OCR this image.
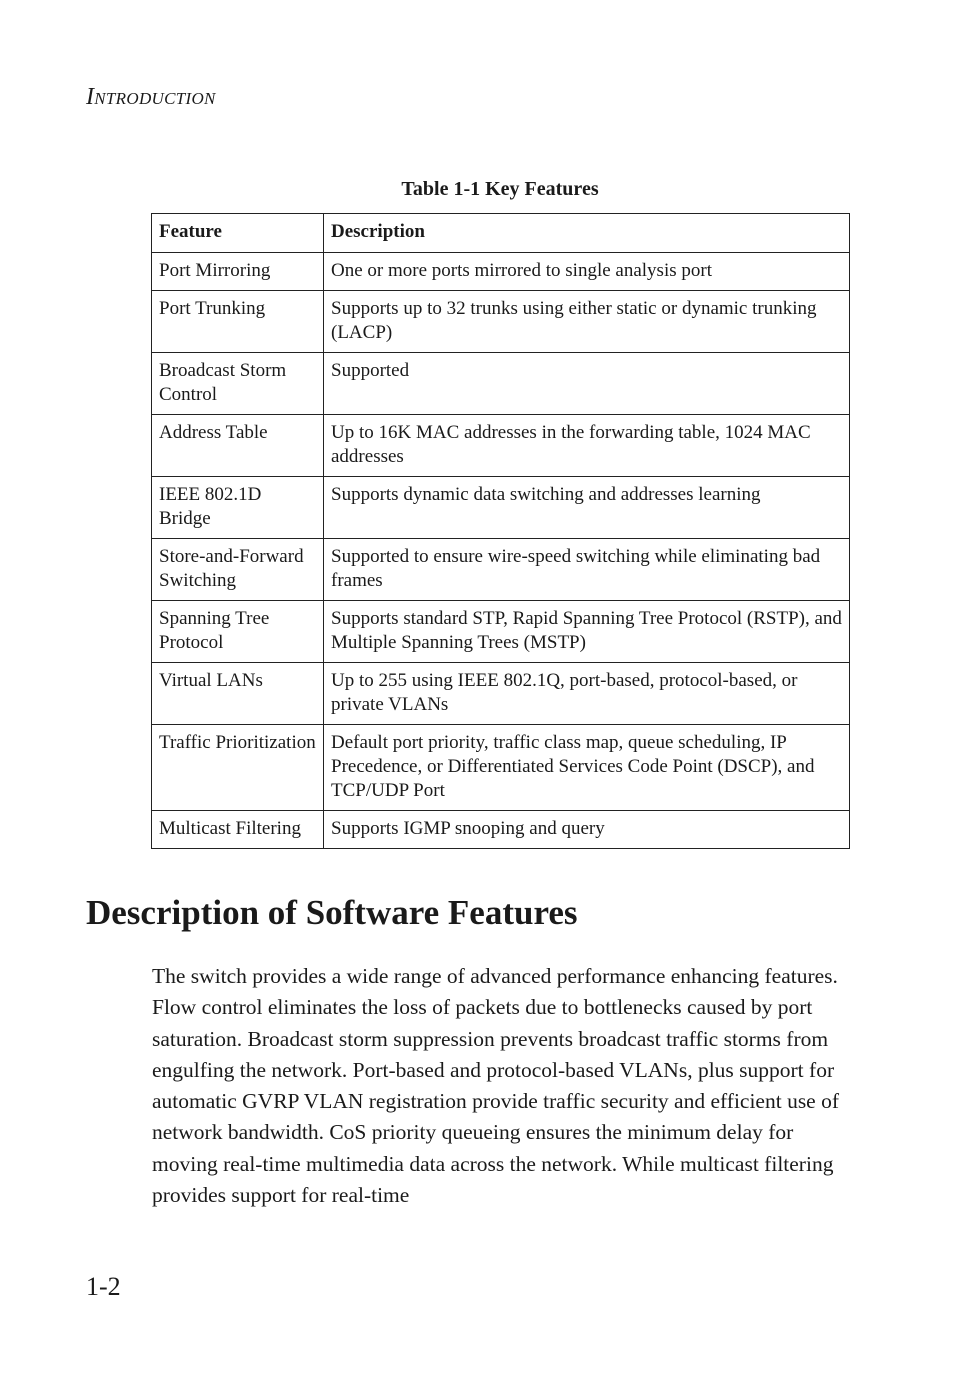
Introduction
Table 1-1 Key Features
Feature	Description
Port Mirroring	One or more ports mirrored to single analysis port
Port Trunking	Supports up to 32 trunks using either static or dynamic trunking (LACP)
Broadcast Storm Control	Supported
Address Table	Up to 16K MAC addresses in the forwarding table, 1024 MAC addresses
IEEE 802.1D Bridge	Supports dynamic data switching and addresses learning
Store-and-Forward Switching	Supported to ensure wire-speed switching while eliminating bad frames
Spanning Tree Protocol	Supports standard STP, Rapid Spanning Tree Protocol (RSTP), and Multiple Spanning Trees (MSTP)
Virtual LANs	Up to 255 using IEEE 802.1Q, port-based, protocol-based, or private VLANs
Traffic Prioritization	Default port priority, traffic class map, queue scheduling, IP Precedence, or Differentiated Services Code Point (DSCP), and TCP/UDP Port
Multicast Filtering	Supports IGMP snooping and query
Description of Software Features

The switch provides a wide range of advanced performance enhancing features. Flow control eliminates the loss of packets due to bottlenecks caused by port saturation. Broadcast storm suppression prevents broadcast traffic storms from engulfing the network. Port-based and protocol-based VLANs, plus support for automatic GVRP VLAN registration provide traffic security and efficient use of network bandwidth. CoS priority queueing ensures the minimum delay for moving real-time multimedia data across the network. While multicast filtering provides support for real-time

1-2
